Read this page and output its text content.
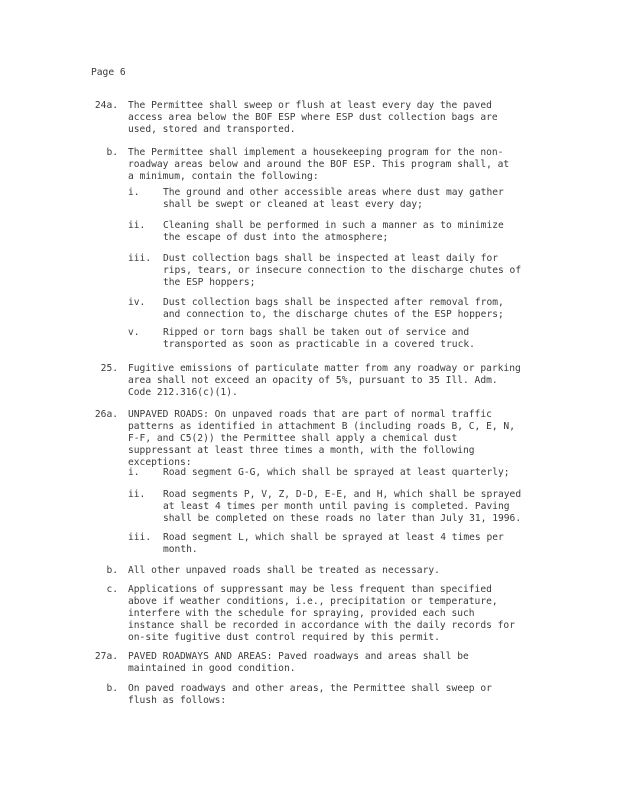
Page 6
24a. The Permittee shall sweep or flush at least every day the paved
access area below the BOF ESP where ESP dust collection bags are
used, stored and transported.
b. The Permittee shall implement a housekeeping program for the non-
roadway areas below and around the BOF ESP. This program shall, at
a minimum, contain the following:
i. The ground and other accessible areas where dust may gather
shall be swept or cleaned at least every day;
ii. Cleaning shall be performed in such a manner as to minimize
the escape of dust into the atmosphere;
iii. Dust collection bags shall be inspected at least daily for
rips, tears, or insecure connection to the discharge chutes of
the ESP hoppers;
iv. Dust collection bags shall be inspected after removal from,
and connection to, the discharge chutes of the ESP hoppers;
v. Ripped or torn bags shall be taken out of service and
transported as soon as practicable in a covered truck.
25. Fugitive emissions of particulate matter from any roadway or parking
area shall not exceed an opacity of 5%, pursuant to 35 Ill. Adm.
Code 212.316(c)(1).
26a. UNPAVED ROADS: On unpaved roads that are part of normal traffic
patterns as identified in attachment B (including roads B, C, E, N,
F-F, and C5(2)) the Permittee shall apply a chemical dust
suppressant at least three times a month, with the following
exceptions:
i. Road segment G-G, which shall be sprayed at least quarterly;
ii. Road segments P, V, Z, D-D, E-E, and H, which shall be sprayed
at least 4 times per month until paving is completed. Paving
shall be completed on these roads no later than July 31, 1996.
iii. Road segment L, which shall be sprayed at least 4 times per
month.
b. All other unpaved roads shall be treated as necessary.
c. Applications of suppressant may be less frequent than specified
above if weather conditions, i.e., precipitation or temperature,
interfere with the schedule for spraying, provided each such
instance shall be recorded in accordance with the daily records for
on-site fugitive dust control required by this permit.
27a. PAVED ROADWAYS AND AREAS: Paved roadways and areas shall be
maintained in good condition.
b. On paved roadways and other areas, the Permittee shall sweep or
flush as follows:
